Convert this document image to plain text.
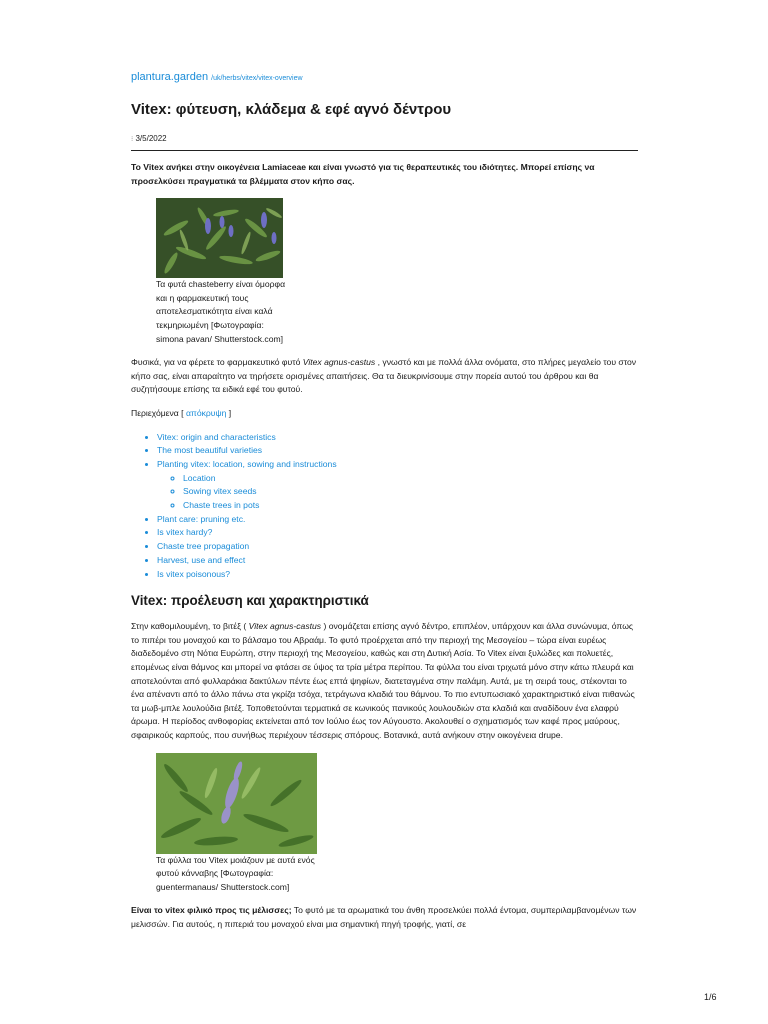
plantura.garden /uk/herbs/vitex/vitex-overview
Vitex: φύτευση, κλάδεμα & εφέ αγνό δέντρου
⁝ 3/5/2022

Το Vitex ανήκει στην οικογένεια Lamiaceae και είναι γνωστό για τις θεραπευτικές του ιδιότητες. Μπορεί επίσης να προσελκύσει πραγματικά τα βλέμματα στον κήπο σας.

Τα φυτά chasteberry είναι όμορφα και η φαρμακευτική τους αποτελεσματικότητα είναι καλά τεκμηριωμένη [Φωτογραφία: simona pavan/ Shutterstock.com]

Φυσικά, για να φέρετε το φαρμακευτικό φυτό Vitex agnus-castus , γνωστό και με πολλά άλλα ονόματα, στο πλήρες μεγαλείο του στον κήπο σας, είναι απαραίτητο να τηρήσετε ορισμένες απαιτήσεις. Θα τα διευκρινίσουμε στην πορεία αυτού του άρθρου και θα συζητήσουμε επίσης τα ειδικά εφέ του φυτού.

Περιεχόμενα [ απόκρυψη ]

• Vitex: origin and characteristics
• The most beautiful varieties
• Planting vitex: location, sowing and instructions
◦ Location
◦ Sowing vitex seeds
◦ Chaste trees in pots
• Plant care: pruning etc.
• Is vitex hardy?
• Chaste tree propagation
• Harvest, use and effect
• Is vitex poisonous?
Vitex: προέλευση και χαρακτηριστικά

Στην καθομιλουμένη, το βιτέξ ( Vitex agnus-castus ) ονομάζεται επίσης αγνό δέντρο, επιπλέον, υπάρχουν και άλλα συνώνυμα, όπως το πιπέρι του μοναχού και το βάλσαμο του Αβραάμ. Το φυτό προέρχεται από την περιοχή της Μεσογείου – τώρα είναι ευρέως διαδεδομένο στη Νότια Ευρώπη, στην περιοχή της Μεσογείου, καθώς και στη Δυτική Ασία. Το Vitex είναι ξυλώδες και πολυετές, επομένως είναι θάμνος και μπορεί να φτάσει σε ύψος τα τρία μέτρα περίπου. Τα φύλλα του είναι τριχωτά μόνο στην κάτω πλευρά και αποτελούνται από φυλλαράκια δακτύλων πέντε έως επτά ψηφίων, διατεταγμένα στην παλάμη. Αυτά, με τη σειρά τους, στέκονται το ένα απέναντι από το άλλο πάνω στα γκρίζα τσόχα, τετράγωνα κλαδιά του θάμνου. Το πιο εντυπωσιακό χαρακτηριστικό είναι πιθανώς τα μωβ-μπλε λουλούδια βιτέξ. Τοποθετούνται τερματικά σε κωνικούς πανικούς λουλουδιών στα κλαδιά και αναδίδουν ένα ελαφρύ άρωμα. Η περίοδος ανθοφορίας εκτείνεται από τον Ιούλιο έως τον Αύγουστο. Ακολουθεί ο σχηματισμός των καφέ προς μαύρους, σφαιρικούς καρπούς, που συνήθως περιέχουν τέσσερις σπόρους. Βοτανικά, αυτά ανήκουν στην οικογένεια drupe.

Τα φύλλα του Vitex μοιάζουν με αυτά ενός φυτού κάνναβης [Φωτογραφία: guentermanaus/ Shutterstock.com]

Είναι το vitex φιλικό προς τις μέλισσες; Το φυτό με τα αρωματικά του άνθη προσελκύει πολλά έντομα, συμπεριλαμβανομένων των μελισσών. Για αυτούς, η πιπεριά του μοναχού είναι μια σημαντική πηγή τροφής, γιατί, σε

1/6
